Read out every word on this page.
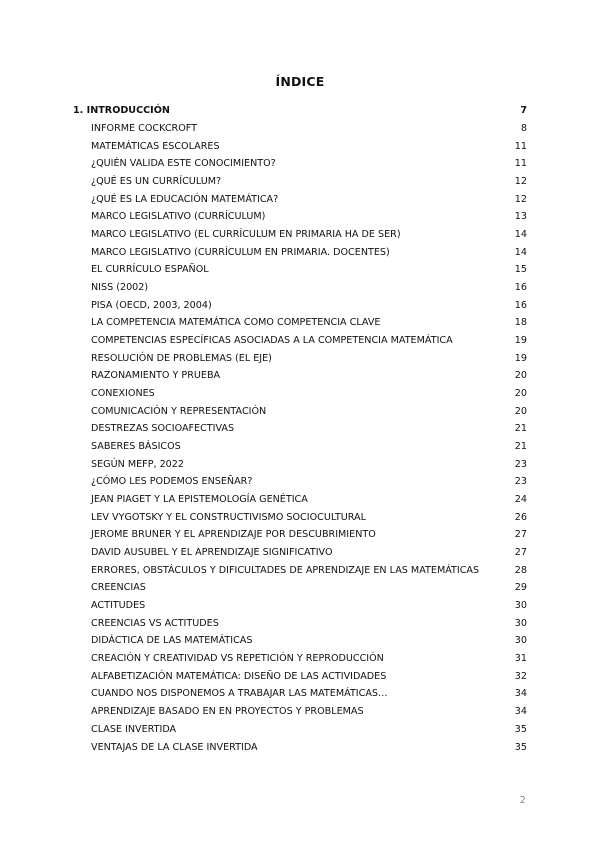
ÍNDICE
1. INTRODUCCIÓN	7
INFORME COCKCROFT	8
MATEMÁTICAS ESCOLARES	11
¿QUIÉN VALIDA ESTE CONOCIMIENTO?	11
¿QUÉ ES UN CURRÍCULUM?	12
¿QUÉ ES LA EDUCACIÓN MATEMÁTICA?	12
MARCO LEGISLATIVO (CURRÍCULUM)	13
MARCO LEGISLATIVO (EL CURRÍCULUM EN PRIMARIA HA DE SER)	14
MARCO LEGISLATIVO (CURRÍCULUM EN PRIMARIA. DOCENTES)	14
EL CURRÍCULO ESPAÑOL	15
NISS (2002)	16
PISA (OECD, 2003, 2004)	16
LA COMPETENCIA MATEMÁTICA COMO COMPETENCIA CLAVE	18
COMPETENCIAS ESPECÍFICAS ASOCIADAS A LA COMPETENCIA MATEMÁTICA	19
RESOLUCIÓN DE PROBLEMAS (EL EJE)	19
RAZONAMIENTO Y PRUEBA	20
CONEXIONES	20
COMUNICACIÓN Y REPRESENTACIÓN	20
DESTREZAS SOCIOAFECTIVAS	21
SABERES BÁSICOS	21
SEGÚN MEFP, 2022	23
¿CÓMO LES PODEMOS ENSEÑAR?	23
JEAN PIAGET Y LA EPISTEMOLOGÍA GENÉTICA	24
LEV VYGOTSKY Y EL CONSTRUCTIVISMO SOCIOCULTURAL	26
JEROME BRUNER Y EL APRENDIZAJE POR DESCUBRIMIENTO	27
DAVID AUSUBEL Y EL APRENDIZAJE SIGNIFICATIVO	27
ERRORES, OBSTÁCULOS Y DIFICULTADES DE APRENDIZAJE EN LAS MATEMÁTICAS	28
CREENCIAS	29
ACTITUDES	30
CREENCIAS VS ACTITUDES	30
DIDÁCTICA DE LAS MATEMÁTICAS	30
CREACIÓN Y CREATIVIDAD VS REPETICIÓN Y REPRODUCCIÓN	31
ALFABETIZACIÓN MATEMÁTICA: DISEÑO DE LAS ACTIVIDADES	32
CUANDO NOS DISPONEMOS A TRABAJAR LAS MATEMÁTICAS…	34
APRENDIZAJE BASADO EN EN PROYECTOS Y PROBLEMAS	34
CLASE INVERTIDA	35
VENTAJAS DE LA CLASE INVERTIDA	35
2
